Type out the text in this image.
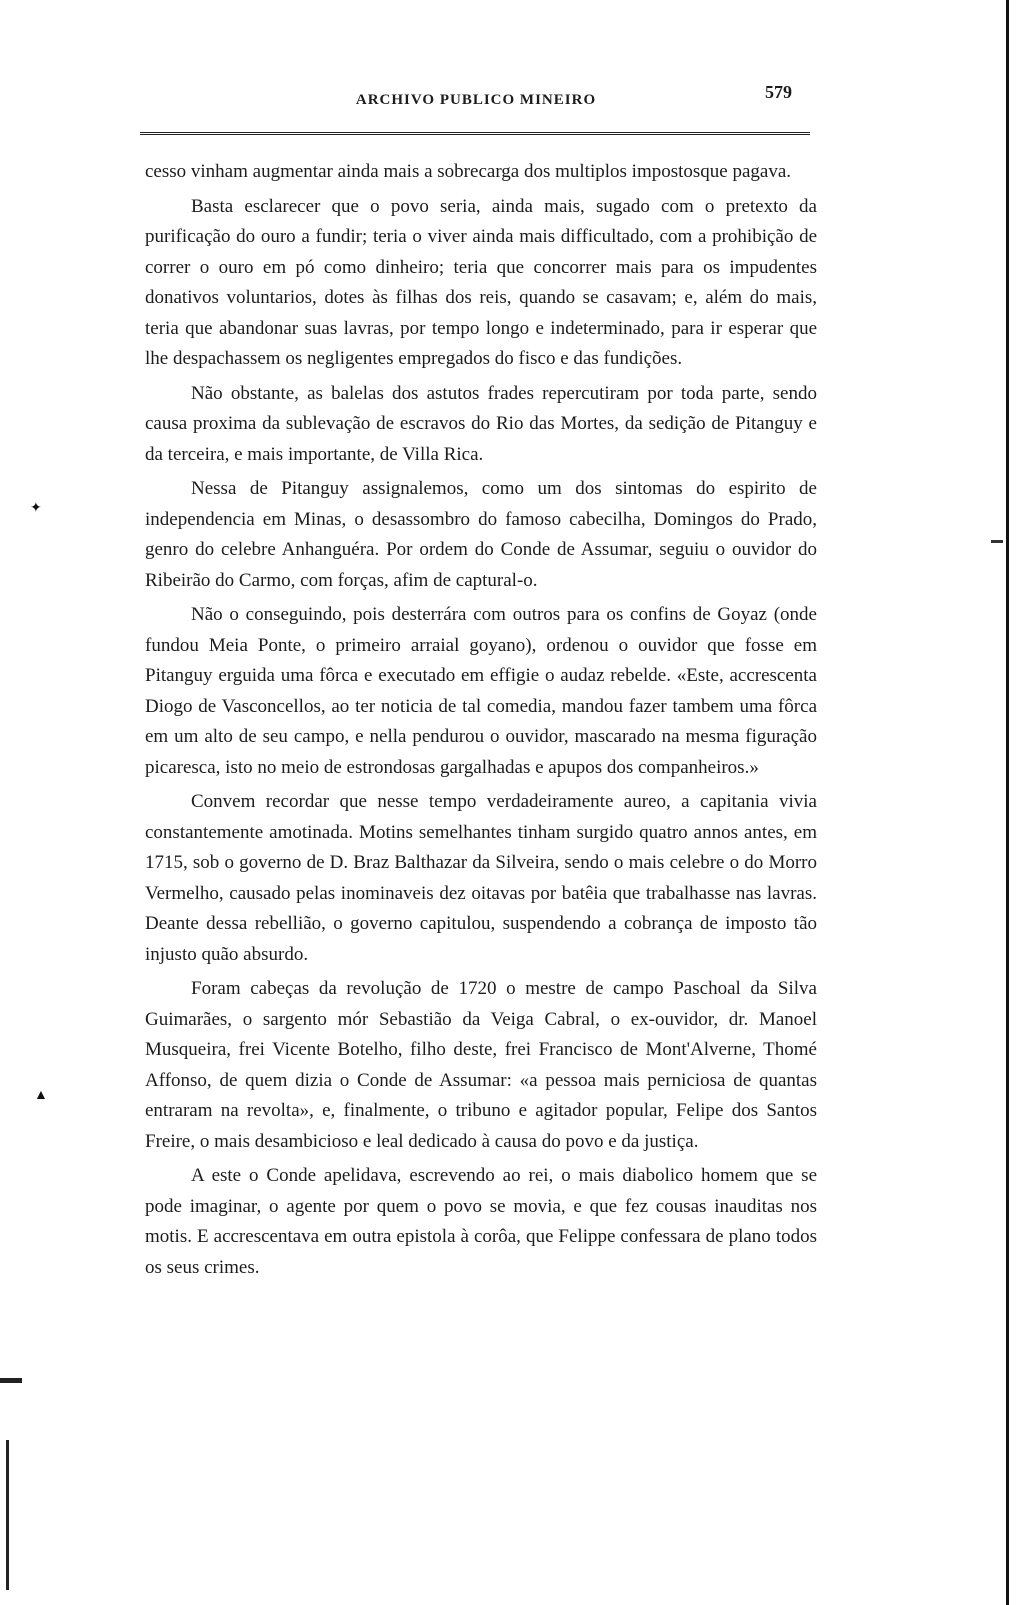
✦
▲
ARCHIVO PUBLICO MINEIRO	579

cesso vinham augmentar ainda mais a sobrecarga dos multiplos impostosque pagava.

Basta esclarecer que o povo seria, ainda mais, sugado com o pretexto da purificação do ouro a fundir; teria o viver ainda mais difficultado, com a prohibição de correr o ouro em pó como dinheiro; teria que concorrer mais para os impudentes donativos voluntarios, dotes às filhas dos reis, quando se casavam; e, além do mais, teria que abandonar suas lavras, por tempo longo e indeterminado, para ir esperar que lhe despachassem os negligentes empregados do fisco e das fundições.

Não obstante, as balelas dos astutos frades repercutiram por toda parte, sendo causa proxima da sublevação de escravos do Rio das Mortes, da sedição de Pitanguy e da terceira, e mais importante, de Villa Rica.

Nessa de Pitanguy assignalemos, como um dos sintomas do espirito de independencia em Minas, o desassombro do famoso cabecilha, Domingos do Prado, genro do celebre Anhanguéra. Por ordem do Conde de Assumar, seguiu o ouvidor do Ribeirão do Carmo, com forças, afim de captural-o.

Não o conseguindo, pois desterrára com outros para os confins de Goyaz (onde fundou Meia Ponte, o primeiro arraial goyano), ordenou o ouvidor que fosse em Pitanguy erguida uma fôrca e executado em effigie o audaz rebelde. «Este, accrescenta Diogo de Vasconcellos, ao ter noticia de tal comedia, mandou fazer tambem uma fôrca em um alto de seu campo, e nella pendurou o ouvidor, mascarado na mesma figuração picaresca, isto no meio de estrondosas gargalhadas e apupos dos companheiros.»

Convem recordar que nesse tempo verdadeiramente aureo, a capitania vivia constantemente amotinada. Motins semelhantes tinham surgido quatro annos antes, em 1715, sob o governo de D. Braz Balthazar da Silveira, sendo o mais celebre o do Morro Vermelho, causado pelas inominaveis dez oitavas por batêia que trabalhasse nas lavras. Deante dessa rebellião, o governo capitulou, suspendendo a cobrança de imposto tão injusto quão absurdo.

Foram cabeças da revolução de 1720 o mestre de campo Paschoal da Silva Guimarães, o sargento mór Sebastião da Veiga Cabral, o ex-ouvidor, dr. Manoel Musqueira, frei Vicente Botelho, filho deste, frei Francisco de Mont'Alverne, Thomé Affonso, de quem dizia o Conde de Assumar: «a pessoa mais perniciosa de quantas entraram na revolta», e, finalmente, o tribuno e agitador popular, Felipe dos Santos Freire, o mais desambicioso e leal dedicado à causa do povo e da justiça.

A este o Conde apelidava, escrevendo ao rei, o mais diabolico homem que se pode imaginar, o agente por quem o povo se movia, e que fez cousas inauditas nos motis. E accrescentava em outra epistola à corôa, que Felippe confessara de plano todos os seus crimes.
